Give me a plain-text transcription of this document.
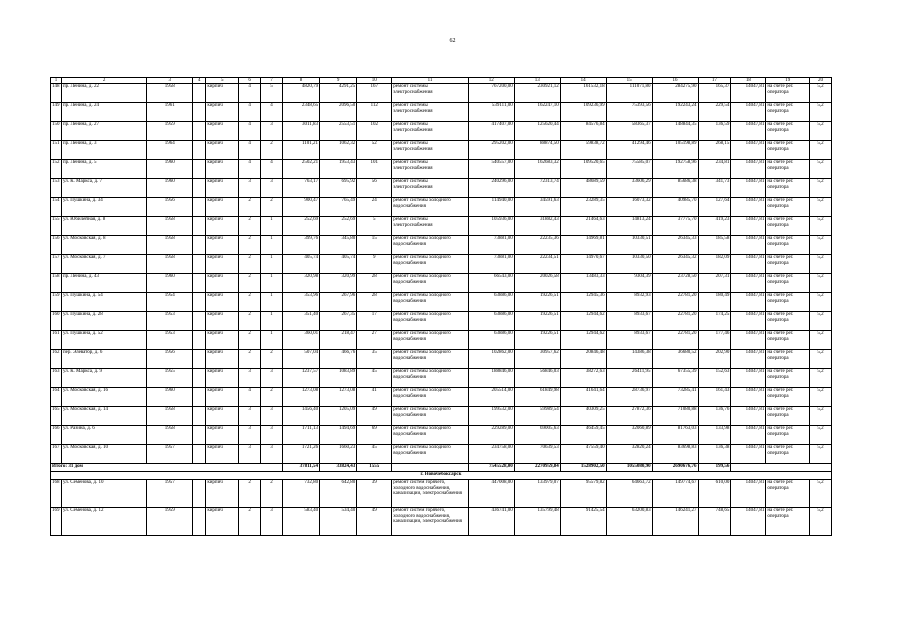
62
1	2	3	4	5	6	7	8	9	10	11	12	13	14	15	16	17	18	19	20
148	пр. Ленина, д. 22	1958		кирпич	4	5	4820,79	4291,25	167	ремонт системы электроснабжения	767200,00	230921,12	161532,18	111071,80	284275,90	165,37	14047,81	на счете рег. оператора	5,2
149	пр. Ленина, д. 24	1961		кирпич	4	4	2348,65	2096,50	112	ремонт системы электроснабжения	539111,00	162247,10	109236,99	75393,56	192243,24	229,54	14047,81	на счете рег. оператора	5,2
150	пр. Ленина, д. 27	1959		кирпич	4	3	3011,83	2553,51	102	ремонт системы электроснабжения	417407,00	125620,44	84576,84	58365,37	148844,35	136,59	14047,81	на счете рег. оператора	5,2
151	пр. Ленина, д. 3	1964		кирпич	4	2	1101,21	1062,32	52	ремонт системы электроснабжения	295202,00	88874,50	59838,72	41294,46	105198,89	268,15	14047,81	на счете рег. оператора	5,2
152	пр. Ленина, д. 5	1960		кирпич	4	4	2502,21	1953,43	101	ремонт системы электроснабжения	540557,00	162683,32	109520,65	75585,07	192758,96	234,81	14047,81	на счете рег. оператора	5,2
153	ул. К. Маркса, д. 7	1960		кирпич	3	3	763,17	695,92	56	ремонт системы электроснабжения	240296,00	72313,74	48689,59	33606,29	85686,38	341,73	14047,81	на счете рег. оператора	5,2
154	ул. Пушкина, д. 34	1956		кирпич	2	2	900,47	765,49	24	ремонт системы холодного водоснабжения	114940,00	34591,63	23289,35	16073,32	40985,70	127,64	14047,81	на счете рег. оператора	5,2
155	ул. Юбилейная, д. 8	1958		кирпич	2	1	252,69	252,69	5	ремонт системы электроснабжения	105936,00	31882,43	21464,63	14813,24	37775,70	419,23	14047,81	на счете рег. оператора	5,2
156	ул. Московская, д. 8	1958		кирпич	2	1	399,76	345,80	15	ремонт системы холодного водоснабжения	73881,00	22235,36	14969,81	10330,51	26345,33	185,58	14047,81	на счете рег. оператора	5,2
157	ул. Московская, д. 7	1958		кирпич	2	1	405,74	405,74	9	ремонт системы холодного водоснабжения	73881,00	22234,51	14970,67	10330,50	26345,32	182,09	14047,81	на счете рег. оператора	5,2
158	пр. Ленина, д. 43	1960		кирпич	2	1	320,98	320,99	28	ремонт системы холодного водоснабжения	66543,00	20026,58	13483,33	9304,39	23728,50	207,31	14047,81	на счете рег. оператора	5,2
159	ул. Пушкина, д. 54	1954		кирпич	2	1	353,96	267,96	28	ремонт системы холодного водоснабжения	63886,00	19226,51	12945,36	8932,93	22781,20	180,49	14047,81	на счете рег. оператора	5,2
160	ул. Пушкина, д. 28	1953		кирпич	2	1	351,40	267,35	17	ремонт системы холодного водоснабжения	63886,00	19226,51	12944,62	8933,67	22781,20	174,25	14047,81	на счете рег. оператора	5,2
161	ул. Пушкина, д. 52	1953		кирпич	2	1	360,01	218,47	27	ремонт системы холодного водоснабжения	63886,00	19226,51	12944,62	8933,67	22781,20	177,46	14047,81	на счете рег. оператора	5,2
162	пер. Элеватор, д. 6	1956		кирпич	2	2	507,04	466,76	35	ремонт системы холодного водоснабжения	102862,00	30957,62	20846,48	14386,38	36680,52	202,90	14047,81	на счете рег. оператора	5,2
163	ул. К. Маркса, д. 9	1955		кирпич	3	3	1237,57	1083,89	45	ремонт системы холодного водоснабжения	188846,00	56846,03	38272,63	26411,95	67355,39	152,63	14047,81	на счете рег. оператора	5,2
164	ул. Московская, д. 16	1960		кирпич	4	2	1273,08	1273,08	41	ремонт системы холодного водоснабжения	205514,00	61849,98	41641,64	28736,97	73285,41	161,43	14047,81	на счете рег. оператора	5,2
165	ул. Московская, д. 14	1958		кирпич	3	3	1456,40	1205,09	49	ремонт системы холодного водоснабжения	199532,00	59989,54	40309,25	27872,36	71080,88	136,76	14047,81	на счете рег. оператора	5,2
166	ул. Разина, д. 6	1958		кирпич	3	3	1711,13	1494,69	69	ремонт системы холодного водоснабжения	229289,00	69005,63	46459,45	32060,89	81763,03	133,98	14047,81	на счете рег. оператора	5,2
167	ул. Московская, д. 10	1957		кирпич	3	3	1721,26	1660,23	45	ремонт системы холодного водоснабжения	234758,00	70639,53	47559,40	32820,24	83698,83	136,38	14047,81	на счете рег. оператора	5,2
Итого: 31 дом							37811,54	33824,43	1555		7545528,00	2270959,84	1528902,50	1055080,90	2690676,76	199,56			
г. Новочебоксарск																			
168	ул. Семенова, д. 10	1957		кирпич	2	2	732,80	642,80	39	ремонт систем горячего, холодного водоснабжения, канализации, электроснабжения	447008,00	133979,07	95579,82	64663,72	149774,67	610,00	14047,81	на счете рег. оператора	5,2
169	ул. Семенова, д. 12	1959		кирпич	2	3	583,40	534,40	49	ремонт систем горячего, холодного водоснабжения, канализации, электроснабжения	436741,00	135799,48	91425,54	63200,83	146241,27	748,65	14047,81	на счете рег. оператора	5,2
